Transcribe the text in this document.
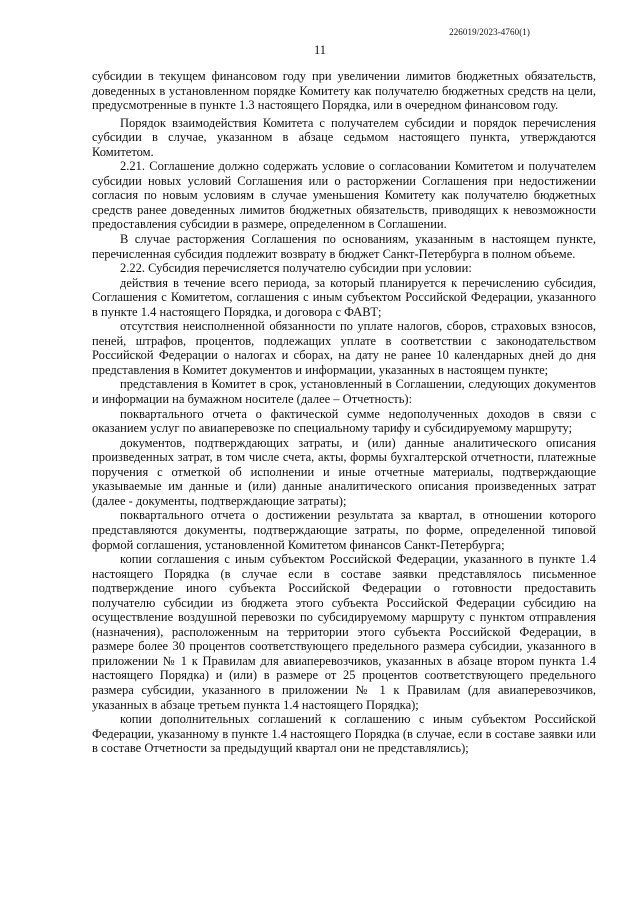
226019/2023-4760(1)
11

субсидии в текущем финансовом году при увеличении лимитов бюджетных обязательств, доведенных в установленном порядке Комитету как получателю бюджетных средств на цели, предусмотренные в пункте 1.3 настоящего Порядка, или в очередном финансовом году.

Порядок взаимодействия Комитета с получателем субсидии и порядок перечисления субсидии в случае, указанном в абзаце седьмом настоящего пункта, утверждаются Комитетом.

2.21. Соглашение должно содержать условие о согласовании Комитетом и получателем субсидии новых условий Соглашения или о расторжении Соглашения при недостижении согласия по новым условиям в случае уменьшения Комитету как получателю бюджетных средств ранее доведенных лимитов бюджетных обязательств, приводящих к невозможности предоставления субсидии в размере, определенном в Соглашении.

В случае расторжения Соглашения по основаниям, указанным в настоящем пункте, перечисленная субсидия подлежит возврату в бюджет Санкт-Петербурга в полном объеме.

2.22. Субсидия перечисляется получателю субсидии при условии:

действия в течение всего периода, за который планируется к перечислению субсидия, Соглашения с Комитетом, соглашения с иным субъектом Российской Федерации, указанного в пункте 1.4 настоящего Порядка, и договора с ФАВТ;

отсутствия неисполненной обязанности по уплате налогов, сборов, страховых взносов, пеней, штрафов, процентов, подлежащих уплате в соответствии с законодательством Российской Федерации о налогах и сборах, на дату не ранее 10 календарных дней до дня представления в Комитет документов и информации, указанных в настоящем пункте;

представления в Комитет в срок, установленный в Соглашении, следующих документов и информации на бумажном носителе (далее – Отчетность):

поквартального отчета о фактической сумме недополученных доходов в связи с оказанием услуг по авиаперевозке по специальному тарифу и субсидируемому маршруту;

документов, подтверждающих затраты, и (или) данные аналитического описания произведенных затрат, в том числе счета, акты, формы бухгалтерской отчетности, платежные поручения с отметкой об исполнении и иные отчетные материалы, подтверждающие указываемые им данные и (или) данные аналитического описания произведенных затрат (далее - документы, подтверждающие затраты);

поквартального отчета о достижении результата за квартал, в отношении которого представляются документы, подтверждающие затраты, по форме, определенной типовой формой соглашения, установленной Комитетом финансов Санкт-Петербурга;

копии соглашения с иным субъектом Российской Федерации, указанного в пункте 1.4 настоящего Порядка (в случае если в составе заявки представлялось письменное подтверждение иного субъекта Российской Федерации о готовности предоставить получателю субсидии из бюджета этого субъекта Российской Федерации субсидию на осуществление воздушной перевозки по субсидируемому маршруту с пунктом отправления (назначения), расположенным на территории этого субъекта Российской Федерации, в размере более 30 процентов соответствующего предельного размера субсидии, указанного в приложении № 1 к Правилам для авиаперевозчиков, указанных в абзаце втором пункта 1.4 настоящего Порядка) и (или) в размере от 25 процентов соответствующего предельного размера субсидии, указанного в приложении № 1 к Правилам (для авиаперевозчиков, указанных в абзаце третьем пункта 1.4 настоящего Порядка);

копии дополнительных соглашений к соглашению с иным субъектом Российской Федерации, указанному в пункте 1.4 настоящего Порядка (в случае, если в составе заявки или в составе Отчетности за предыдущий квартал они не представлялись);
